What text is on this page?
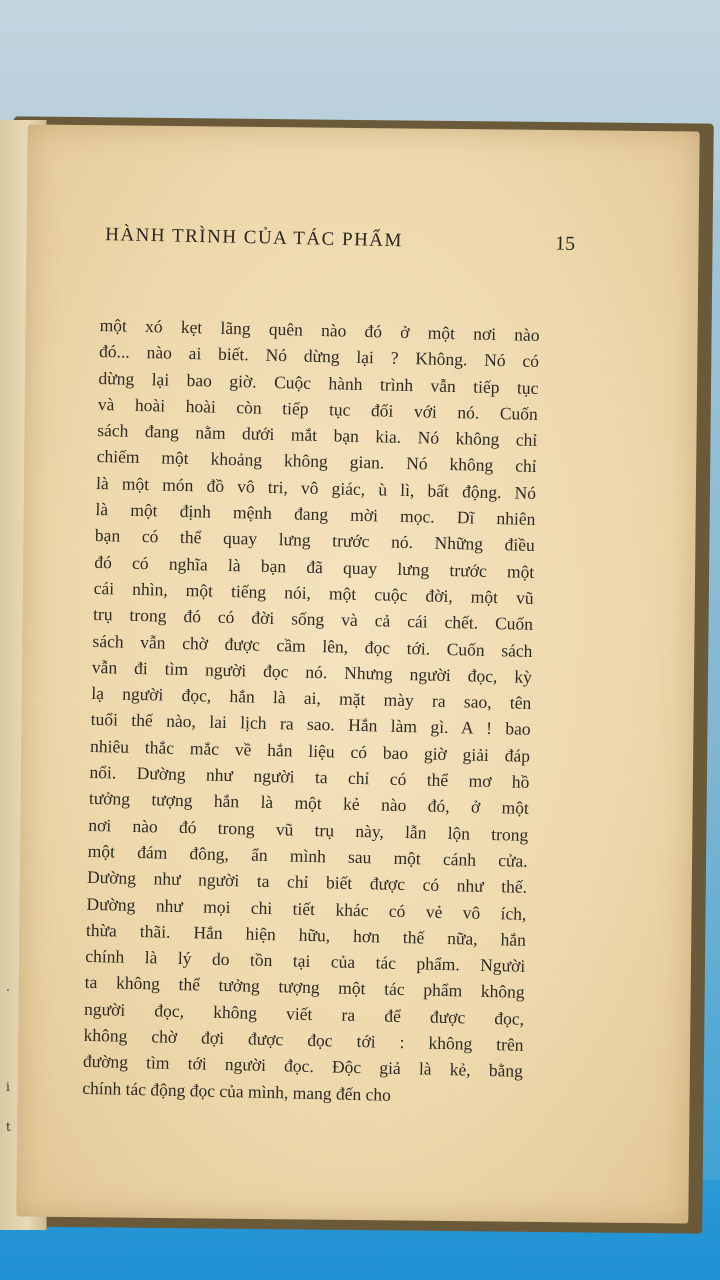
.
i
t
HÀNH TRÌNH CỦA TÁC PHẨM	15
một xó kẹt lãng quên nào đó ở một nơi nào
đó... nào ai biết. Nó dừng lại ? Không. Nó có
dừng lại bao giờ. Cuộc hành trình vẫn tiếp tục
và hoài hoài còn tiếp tục đối với nó. Cuốn
sách đang nằm dưới mắt bạn kia. Nó không chỉ
chiếm một khoảng không gian. Nó không chỉ
là một món đồ vô tri, vô giác, ù lì, bất động. Nó
là một định mệnh đang mời mọc. Dĩ nhiên
bạn có thể quay lưng trước nó. Những điều
đó có nghĩa là bạn đã quay lưng trước một
cái nhìn, một tiếng nói, một cuộc đời, một vũ
trụ trong đó có đời sống và cả cái chết. Cuốn
sách vẫn chờ được cầm lên, đọc tới. Cuốn sách
vẫn đi tìm người đọc nó. Nhưng người đọc, kỳ
lạ người đọc, hắn là ai, mặt mày ra sao, tên
tuổi thế nào, lai lịch ra sao. Hắn làm gì. A ! bao
nhiêu thắc mắc về hắn liệu có bao giờ giải đáp
nổi. Dường như người ta chỉ có thể mơ hồ
tưởng tượng hắn là một kẻ nào đó, ở một
nơi nào đó trong vũ trụ này, lẫn lộn trong
một đám đông, ẩn mình sau một cánh cửa.
Dường như người ta chỉ biết được có như thế.
Dường như mọi chi tiết khác có vẻ vô ích,
thừa thãi. Hắn hiện hữu, hơn thế nữa, hắn
chính là lý do tồn tại của tác phẩm. Người
ta không thể tưởng tượng một tác phẩm không
người đọc, không viết ra để được đọc,
không chờ đợi được đọc tới : không trên
đường tìm tới người đọc. Độc giả là kẻ, bằng
chính tác động đọc của mình, mang đến cho
